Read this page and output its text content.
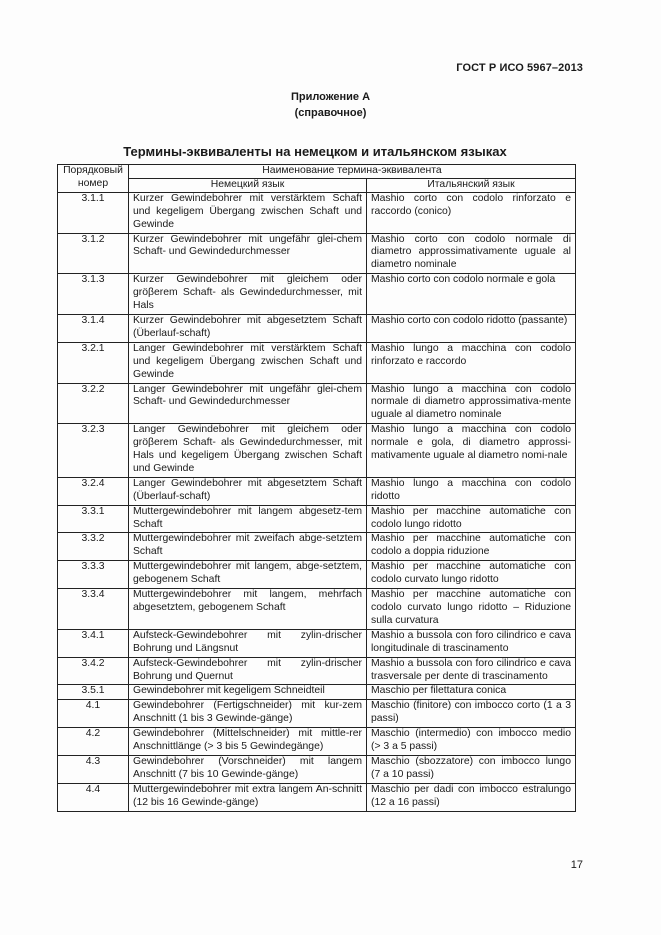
ГОСТ Р ИСО 5967–2013
Приложение А
(справочное)
Термины-эквиваленты на немецком и итальянском языках
Порядковый номер	Наименование термина-эквивалента	
	Немецкий язык	Итальянский язык
3.1.1	Kurzer Gewindebohrer mit verstärktem Schaft und kegeligem Übergang zwischen Schaft und Gewinde	Mashio corto con codolo rinforzato e raccordo (conico)
3.1.2	Kurzer Gewindebohrer mit ungefähr glei-chem Schaft- und Gewindedurchmesser	Mashio corto con codolo normale di diametro approssimativamente uguale al diametro nominale
3.1.3	Kurzer Gewindebohrer mit gleichem oder gröβerem Schaft- als Gewindedurchmesser, mit Hals	Mashio corto con codolo normale e gola
3.1.4	Kurzer Gewindebohrer mit abgesetztem Schaft (Überlauf-schaft)	Mashio corto con codolo ridotto (passante)
3.2.1	Langer Gewindebohrer mit verstärktem Schaft und kegeligem Übergang zwischen Schaft und Gewinde	Mashio lungo a macchina con codolo rinforzato e raccordo
3.2.2	Langer Gewindebohrer mit ungefähr glei-chem Schaft- und Gewindedurchmesser	Mashio lungo a macchina con codolo normale di diametro approssimativa-mente uguale al diametro nominale
3.2.3	Langer Gewindebohrer mit gleichem oder gröβerem Schaft- als Gewindedurchmesser, mit Hals und kegeligem Übergang zwischen Schaft und Gewinde	Mashio lungo a macchina con codolo normale e gola, di diametro approssi-mativamente uguale al diametro nomi-nale
3.2.4	Langer Gewindebohrer mit abgesetztem Schaft (Überlauf-schaft)	Mashio lungo a macchina con codolo ridotto
3.3.1	Muttergewindebohrer mit langem abgesetz-tem Schaft	Mashio per macchine automatiche con codolo lungo ridotto
3.3.2	Muttergewindebohrer mit zweifach abge-setztem Schaft	Mashio per macchine automatiche con codolo a doppia riduzione
3.3.3	Muttergewindebohrer mit langem, abge-setztem, gebogenem Schaft	Mashio per macchine automatiche con codolo curvato lungo ridotto
3.3.4	Muttergewindebohrer mit langem, mehrfach abgesetztem, gebogenem Schaft	Mashio per macchine automatiche con codolo curvato lungo ridotto – Riduzione sulla curvatura
3.4.1	Aufsteck-Gewindebohrer mit zylin-drischer Bohrung und Längsnut	Mashio a bussola con foro cilindrico e cava longitudinale di trascinamento
3.4.2	Aufsteck-Gewindebohrer mit zylin-drischer Bohrung und Quernut	Mashio a bussola con foro cilindrico e cava trasversale per dente di trascinamento
3.5.1	Gewindebohrer mit kegeligem Schneidteil	Maschio per filettatura conica
4.1	Gewindebohrer (Fertigschneider) mit kur-zem Anschnitt (1 bis 3 Gewinde-gänge)	Maschio (finitore) con imbocco corto (1 a 3 passi)
4.2	Gewindebohrer (Mittelschneider) mit mittle-rer Anschnittlänge (> 3 bis 5 Gewindegänge)	Maschio (intermedio) con imbocco medio (> 3 a 5 passi)
4.3	Gewindebohrer (Vorschneider) mit langem Anschnitt (7 bis 10 Gewinde-gänge)	Maschio (sbozzatore) con imbocco lungo (7 a 10 passi)
4.4	Muttergewindebohrer mit extra langem An-schnitt (12 bis 16 Gewinde-gänge)	Maschio per dadi con imbocco estralungo (12 a 16 passi)
17
